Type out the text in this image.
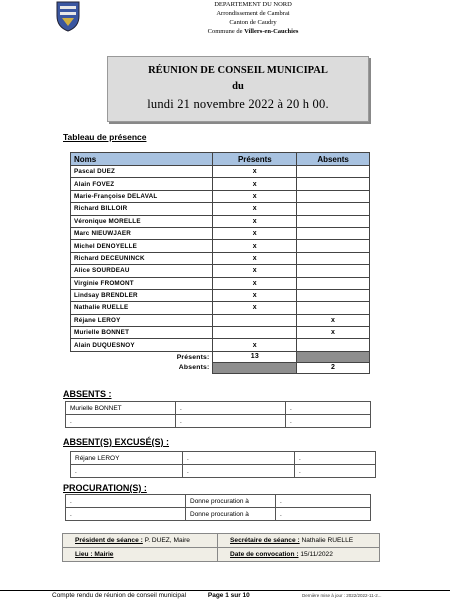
DEPARTEMENT DU NORD
Arrondissement de Cambrai
Canton de Caudry
Commune de Villers-en-Cauchies
RÉUNION DE CONSEIL MUNICIPAL
du
lundi 21 novembre 2022 à 20 h 00.
Tableau de présence
Noms	Présents	Absents
Pascal DUEZ	x	
Alain FOVEZ	x	
Marie-Françoise DELAVAL	x	
Richard BILLOIR	x	
Véronique MORELLE	x	
Marc NIEUWJAER	x	
Michel DENOYELLE	x	
Richard DECEUNINCK	x	
Alice SOURDEAU	x	
Virginie FROMONT	x	
Lindsay BRENDLER	x	
Nathalie RUELLE	x	
Réjane LEROY		x
Murielle BONNET		x
Alain DUQUESNOY	x	
Présents:	13	
Absents:		2
ABSENTS :
Murielle BONNET	.	.
.	.	.
ABSENT(S) EXCUSÉ(S) :
Réjane LEROY	.	.
.	.	.
PROCURATION(S) :
.	Donne procuration à	.
.	Donne procuration à	.
Président de séance : P. DUEZ, Maire	Secrétaire de séance : Nathalie RUELLE
Lieu : Mairie	Date de convocation : 15/11/2022
Compte rendu de réunion de conseil municipal	Page 1 sur 10	Dernière mise à jour : 2022/2022-11-2...
